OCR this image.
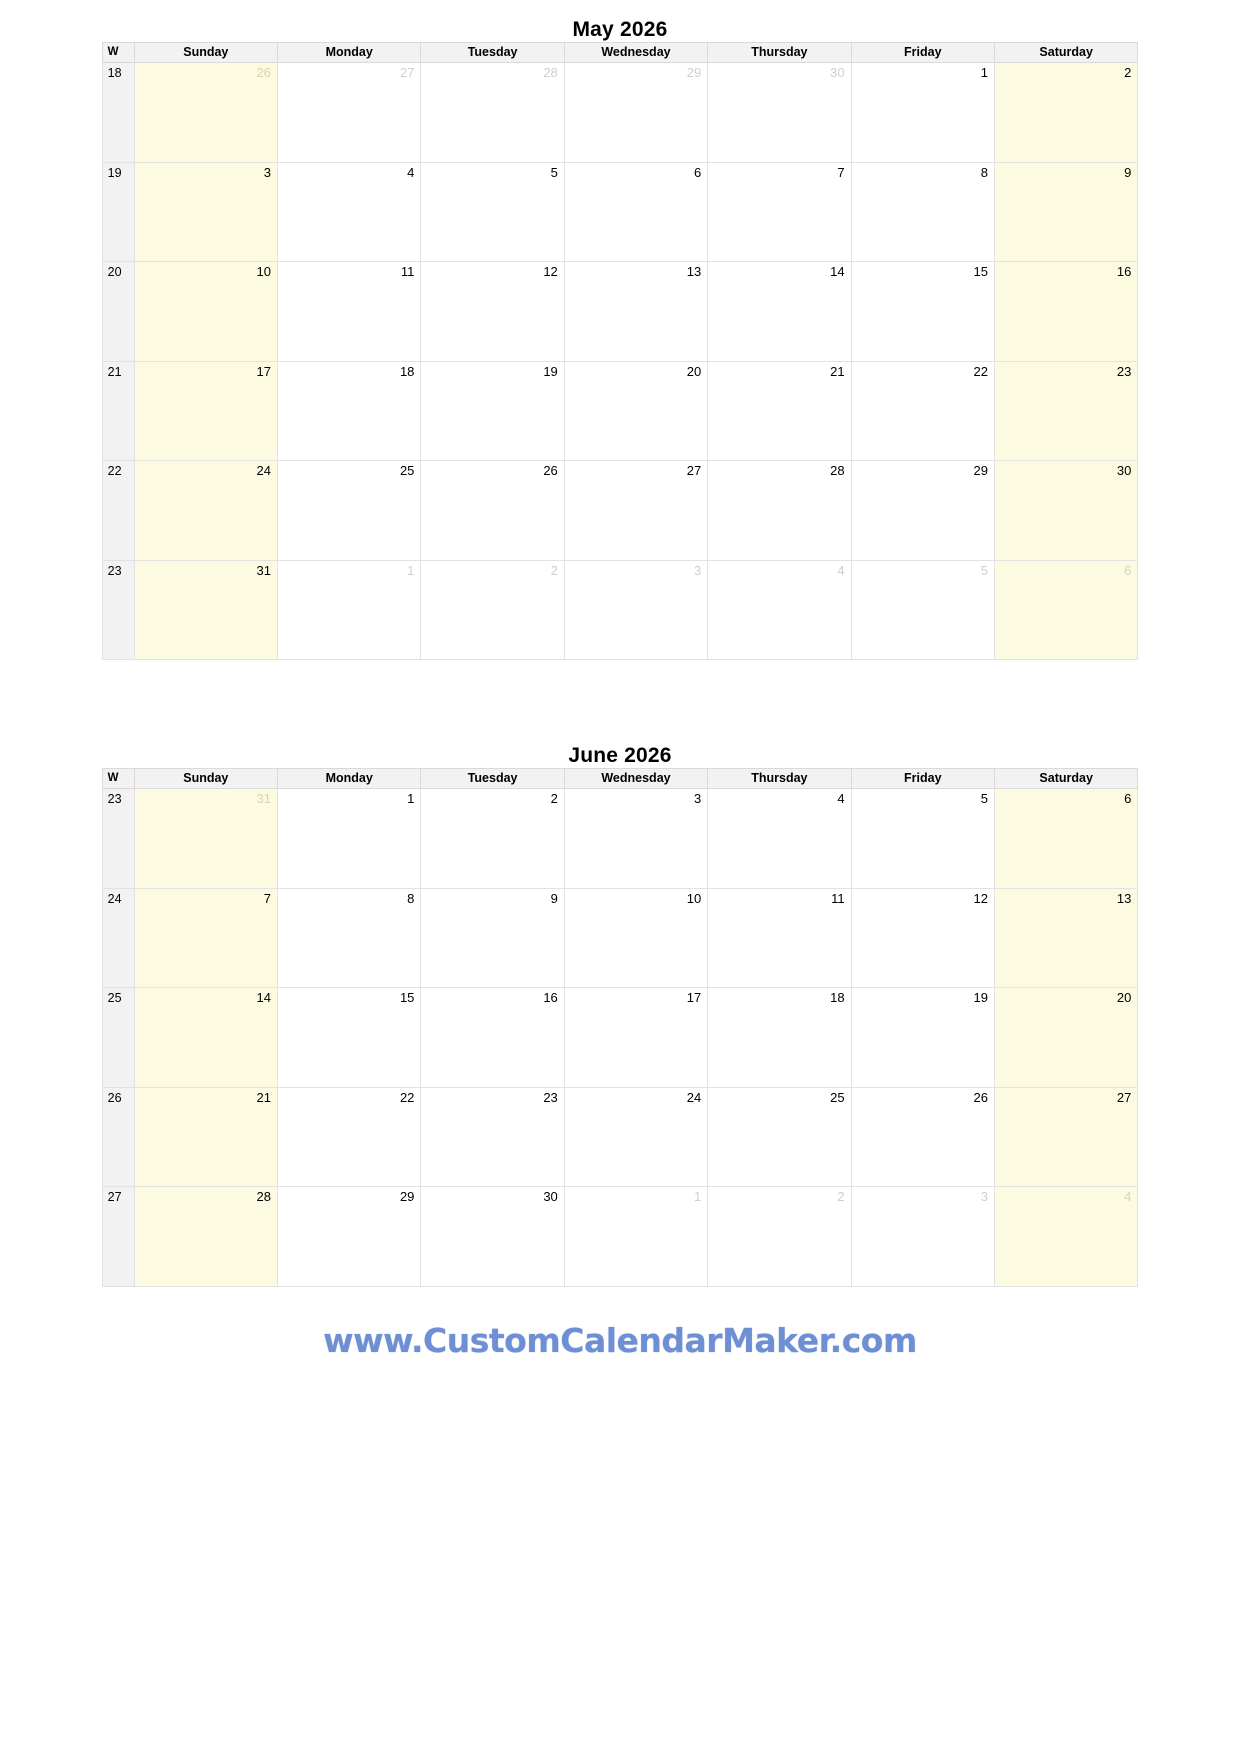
May 2026
W	Sunday	Monday	Tuesday	Wednesday	Thursday	Friday	Saturday
18	26	27	28	29	30	1	2

19	3	4	5	6	7	8	9

20	10	11	12	13	14	15	16

21	17	18	19	20	21	22	23

22	24	25	26	27	28	29	30

23	31	1	2	3	4	5	6
June 2026
W	Sunday	Monday	Tuesday	Wednesday	Thursday	Friday	Saturday
23	31	1	2	3	4	5	6

24	7	8	9	10	11	12	13

25	14	15	16	17	18	19	20

26	21	22	23	24	25	26	27

27	28	29	30	1	2	3	4
www.CustomCalendarMaker.com
